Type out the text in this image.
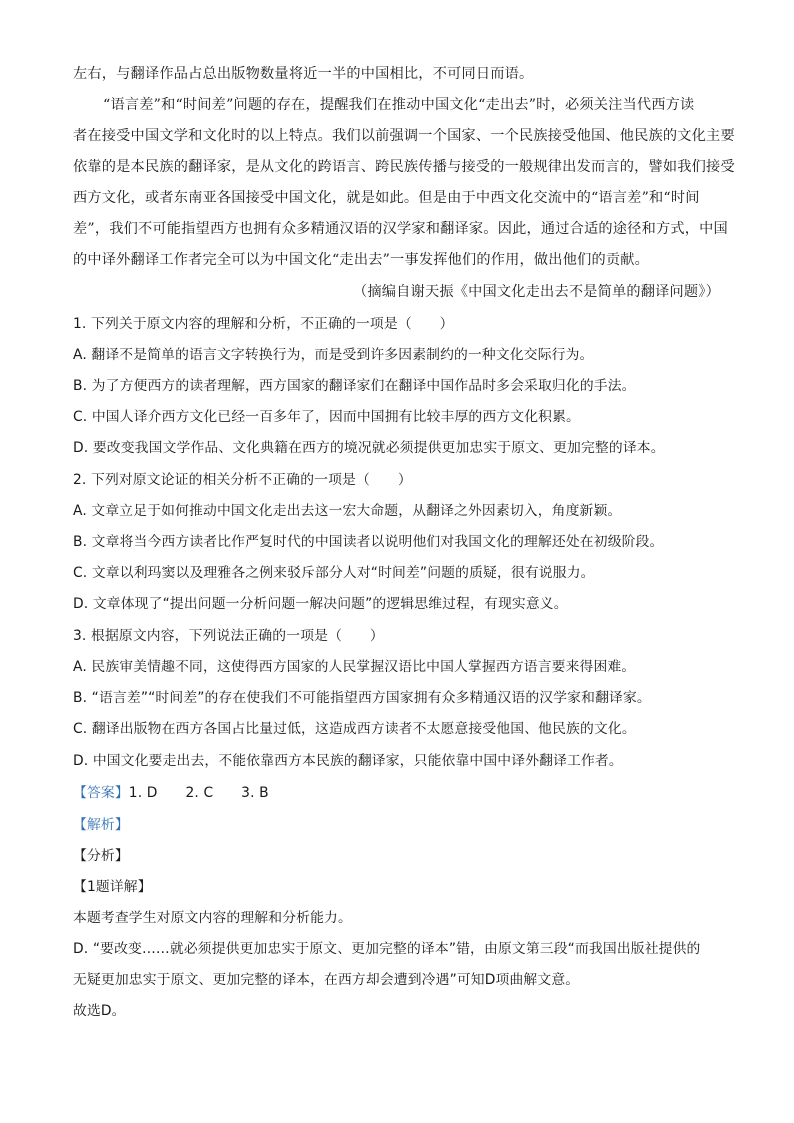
左右，与翻译作品占总出版物数量将近一半的中国相比，不可同日而语。
“语言差”和“时间差”问题的存在，提醒我们在推动中国文化“走出去”时，必须关注当代西方读
者在接受中国文学和文化时的以上特点。我们以前强调一个国家、一个民族接受他国、他民族的文化主要
依靠的是本民族的翻译家，是从文化的跨语言、跨民族传播与接受的一般规律出发而言的，譬如我们接受
西方文化，或者东南亚各国接受中国文化，就是如此。但是由于中西文化交流中的“语言差”和“时间
差”，我们不可能指望西方也拥有众多精通汉语的汉学家和翻译家。因此，通过合适的途径和方式，中国
的中译外翻译工作者完全可以为中国文化“走出去”一事发挥他们的作用，做出他们的贡献。
（摘编自谢天振《中国文化走出去不是简单的翻译问题》）
1. 下列关于原文内容的理解和分析，不正确的一项是（　　）
A. 翻译不是简单的语言文字转换行为，而是受到许多因素制约的一种文化交际行为。
B. 为了方便西方的读者理解，西方国家的翻译家们在翻译中国作品时多会采取归化的手法。
C. 中国人译介西方文化已经一百多年了，因而中国拥有比较丰厚的西方文化积累。
D. 要改变我国文学作品、文化典籍在西方的境况就必须提供更加忠实于原文、更加完整的译本。
2. 下列对原文论证的相关分析不正确的一项是（　　）
A. 文章立足于如何推动中国文化走出去这一宏大命题，从翻译之外因素切入，角度新颖。
B. 文章将当今西方读者比作严复时代的中国读者以说明他们对我国文化的理解还处在初级阶段。
C. 文章以利玛窦以及理雅各之例来驳斥部分人对“时间差”问题的质疑，很有说服力。
D. 文章体现了“提出问题一分析问题一解决问题”的逻辑思维过程，有现实意义。
3. 根据原文内容，下列说法正确的一项是（　　）
A. 民族审美情趣不同，这使得西方国家的人民掌握汉语比中国人掌握西方语言要来得困难。
B. “语言差”“时间差”的存在使我们不可能指望西方国家拥有众多精通汉语的汉学家和翻译家。
C. 翻译出版物在西方各国占比量过低，这造成西方读者不太愿意接受他国、他民族的文化。
D. 中国文化要走出去，不能依靠西方本民族的翻译家，只能依靠中国中译外翻译工作者。
【答案】1. D　　2. C　　3. B
【解析】
【分析】
【1题详解】
本题考查学生对原文内容的理解和分析能力。
D. “要改变……就必须提供更加忠实于原文、更加完整的译本”错，由原文第三段“而我国出版社提供的
无疑更加忠实于原文、更加完整的译本，在西方却会遭到冷遇”可知D项曲解文意。
故选D。
